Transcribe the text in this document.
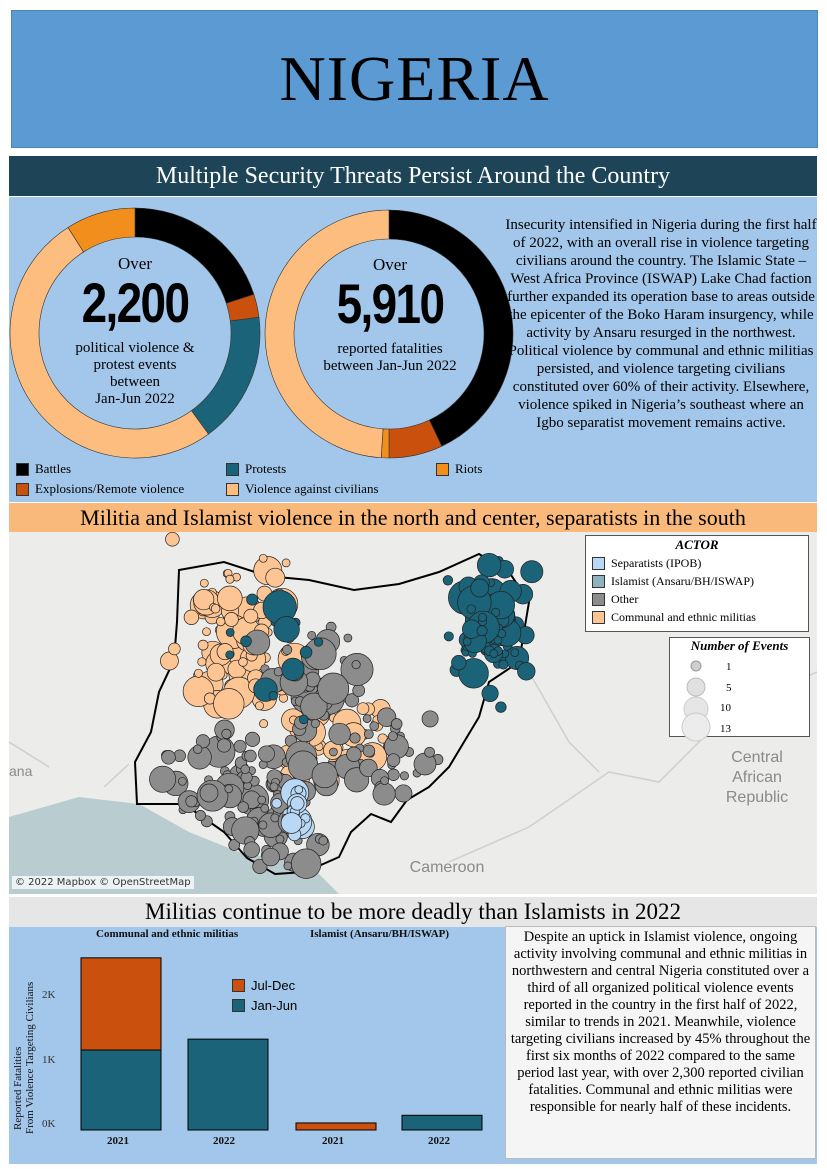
NIGERIA
Multiple Security Threats Persist Around the Country
Over
2,200
political violence &
protest events
between
Jan-Jun 2022
Over
5,910
reported fatalities
between Jan-Jun 2022
Insecurity intensified in Nigeria during the first half of 2022, with an overall rise in violence targeting civilians around the country. The Islamic State – West Africa Province (ISWAP) Lake Chad faction further expanded its operation base to areas outside the epicenter of the Boko Haram insurgency, while activity by Ansaru resurged in the northwest. Political violence by communal and ethnic militias persisted, and violence targeting civilians constituted over 60% of their activity. Elsewhere, violence spiked in Nigeria’s southeast where an Igbo separatist movement remains active.
Battles	Protests	Riots
Explosions/Remote violence	Violence against civilians
Militia and Islamist violence in the north and center, separatists in the south
Central
African
Republic
Cameroon
ana
ACTOR
Separatists (IPOB)
Islamist (Ansaru/BH/ISWAP)
Other
Communal and ethnic militias
Number of Events
1
5
10
13
© 2022 Mapbox © OpenStreetMap
Militias continue to be more deadly than Islamists in 2022
Communal and ethnic militias	Islamist (Ansaru/BH/ISWAP)
Reported Fatalities From Violence Targeting Civilians 2K
1K
0K
2021	2022	2021	2022
Jul-Dec
Jan-Jun
Despite an uptick in Islamist violence, ongoing activity involving communal and ethnic militias in northwestern and central Nigeria constituted over a third of all organized political violence events reported in the country in the first half of 2022, similar to trends in 2021. Meanwhile, violence targeting civilians increased by 45% throughout the first six months of 2022 compared to the same period last year, with over 2,300 reported civilian fatalities. Communal and ethnic militias were responsible for nearly half of these incidents.
